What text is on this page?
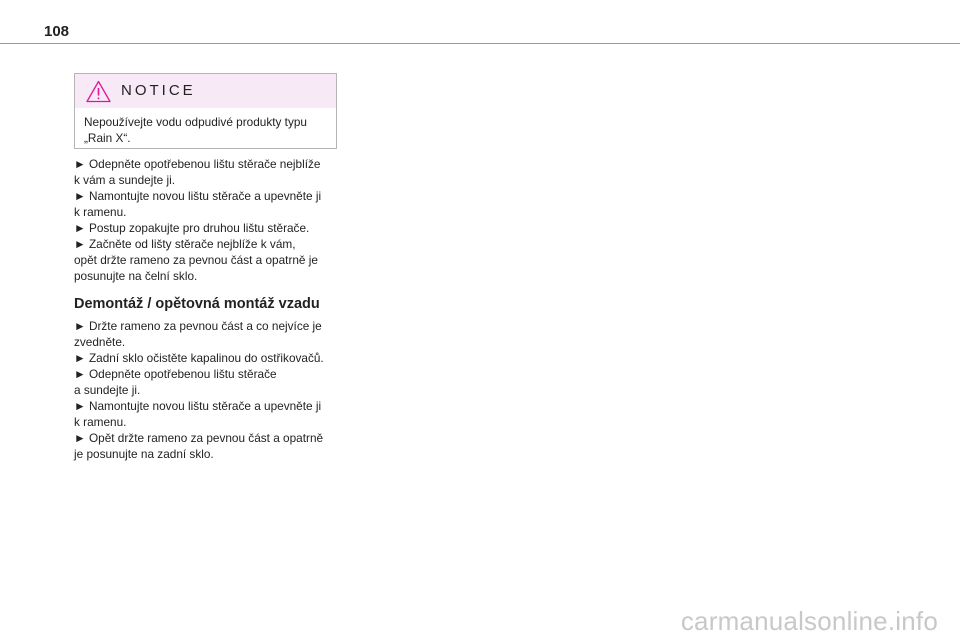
108
NOTICE
Nepoužívejte vodu odpudivé produkty typu
„Rain X“.

► Odepněte opotřebenou lištu stěrače nejblíže
k vám a sundejte ji.
► Namontujte novou lištu stěrače a upevněte ji
k ramenu.
► Postup zopakujte pro druhou lištu stěrače.
► Začněte od lišty stěrače nejblíže k vám,
opět držte rameno za pevnou část a opatrně je
posunujte na čelní sklo.

Demontáž / opětovná montáž vzadu

► Držte rameno za pevnou část a co nejvíce je
zvedněte.
► Zadní sklo očistěte kapalinou do ostřikovačů.
► Odepněte opotřebenou lištu stěrače
a sundejte ji.
► Namontujte novou lištu stěrače a upevněte ji
k ramenu.
► Opět držte rameno za pevnou část a opatrně
je posunujte na zadní sklo.

carmanualsonline.info
